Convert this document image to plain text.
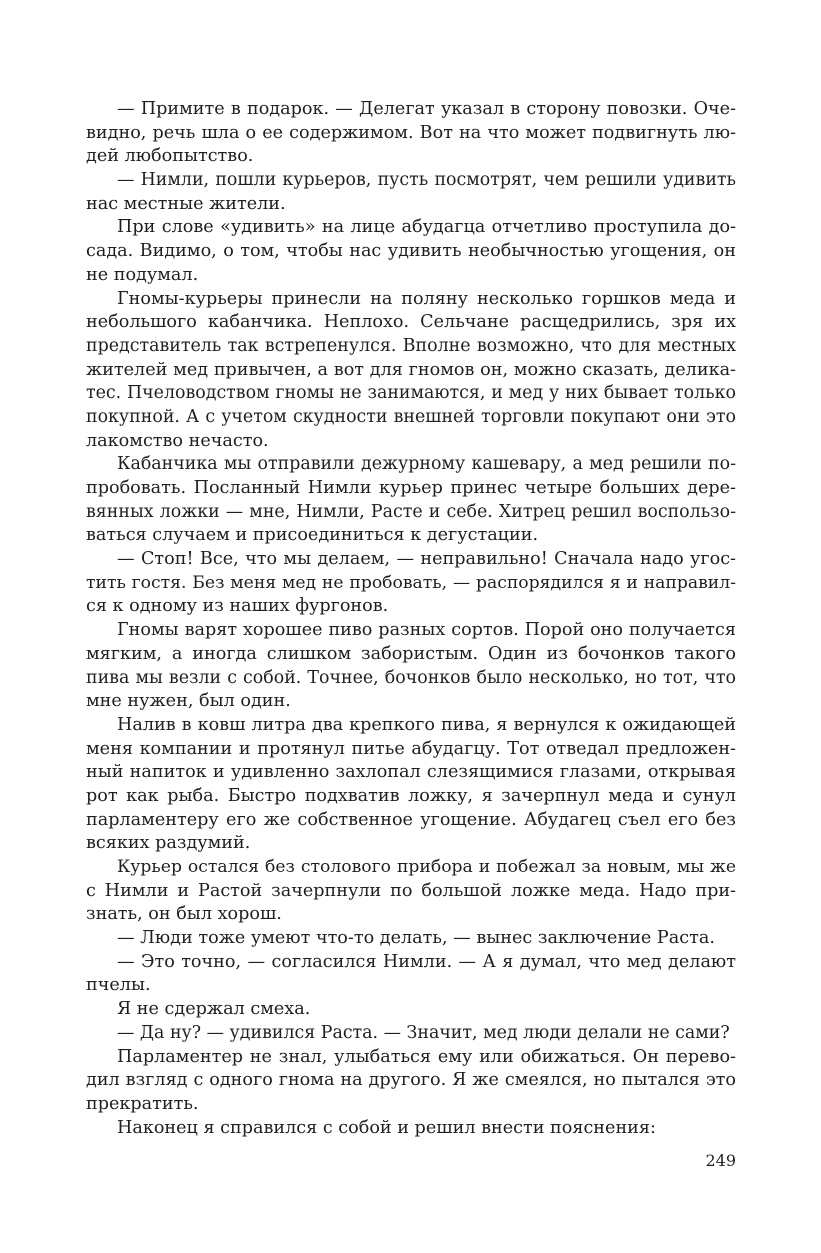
— Примите в подарок. — Делегат указал в сторону повозки. Оче-
видно, речь шла о ее содержимом. Вот на что может подвигнуть лю-
дей любопытство.
— Нимли, пошли курьеров, пусть посмотрят, чем решили удивить
нас местные жители.
При слове «удивить» на лице абудагца отчетливо проступила до-
сада. Видимо, о том, чтобы нас удивить необычностью угощения, он
не подумал.
Гномы-курьеры принесли на поляну несколько горшков меда и
небольшого кабанчика. Неплохо. Сельчане расщедрились, зря их
представитель так встрепенулся. Вполне возможно, что для местных
жителей мед привычен, а вот для гномов он, можно сказать, делика-
тес. Пчеловодством гномы не занимаются, и мед у них бывает только
покупной. А с учетом скудности внешней торговли покупают они это
лакомство нечасто.
Кабанчика мы отправили дежурному кашевару, а мед решили по-
пробовать. Посланный Нимли курьер принес четыре больших дере-
вянных ложки — мне, Нимли, Расте и себе. Хитрец решил воспользо-
ваться случаем и присоединиться к дегустации.
— Стоп! Все, что мы делаем, — неправильно! Сначала надо угос-
тить гостя. Без меня мед не пробовать, — распорядился я и направил-
ся к одному из наших фургонов.
Гномы варят хорошее пиво разных сортов. Порой оно получается
мягким, а иногда слишком забористым. Один из бочонков такого
пива мы везли с собой. Точнее, бочонков было несколько, но тот, что
мне нужен, был один.
Налив в ковш литра два крепкого пива, я вернулся к ожидающей
меня компании и протянул питье абудагцу. Тот отведал предложен-
ный напиток и удивленно захлопал слезящимися глазами, открывая
рот как рыба. Быстро подхватив ложку, я зачерпнул меда и сунул
парламентеру его же собственное угощение. Абудагец съел его без
всяких раздумий.
Курьер остался без столового прибора и побежал за новым, мы же
с Нимли и Растой зачерпнули по большой ложке меда. Надо при-
знать, он был хорош.
— Люди тоже умеют что-то делать, — вынес заключение Раста.
— Это точно, — согласился Нимли. — А я думал, что мед делают
пчелы.
Я не сдержал смеха.
— Да ну? — удивился Раста. — Значит, мед люди делали не сами?
Парламентер не знал, улыбаться ему или обижаться. Он перево-
дил взгляд с одного гнома на другого. Я же смеялся, но пытался это
прекратить.
Наконец я справился с собой и решил внести пояснения:
249
